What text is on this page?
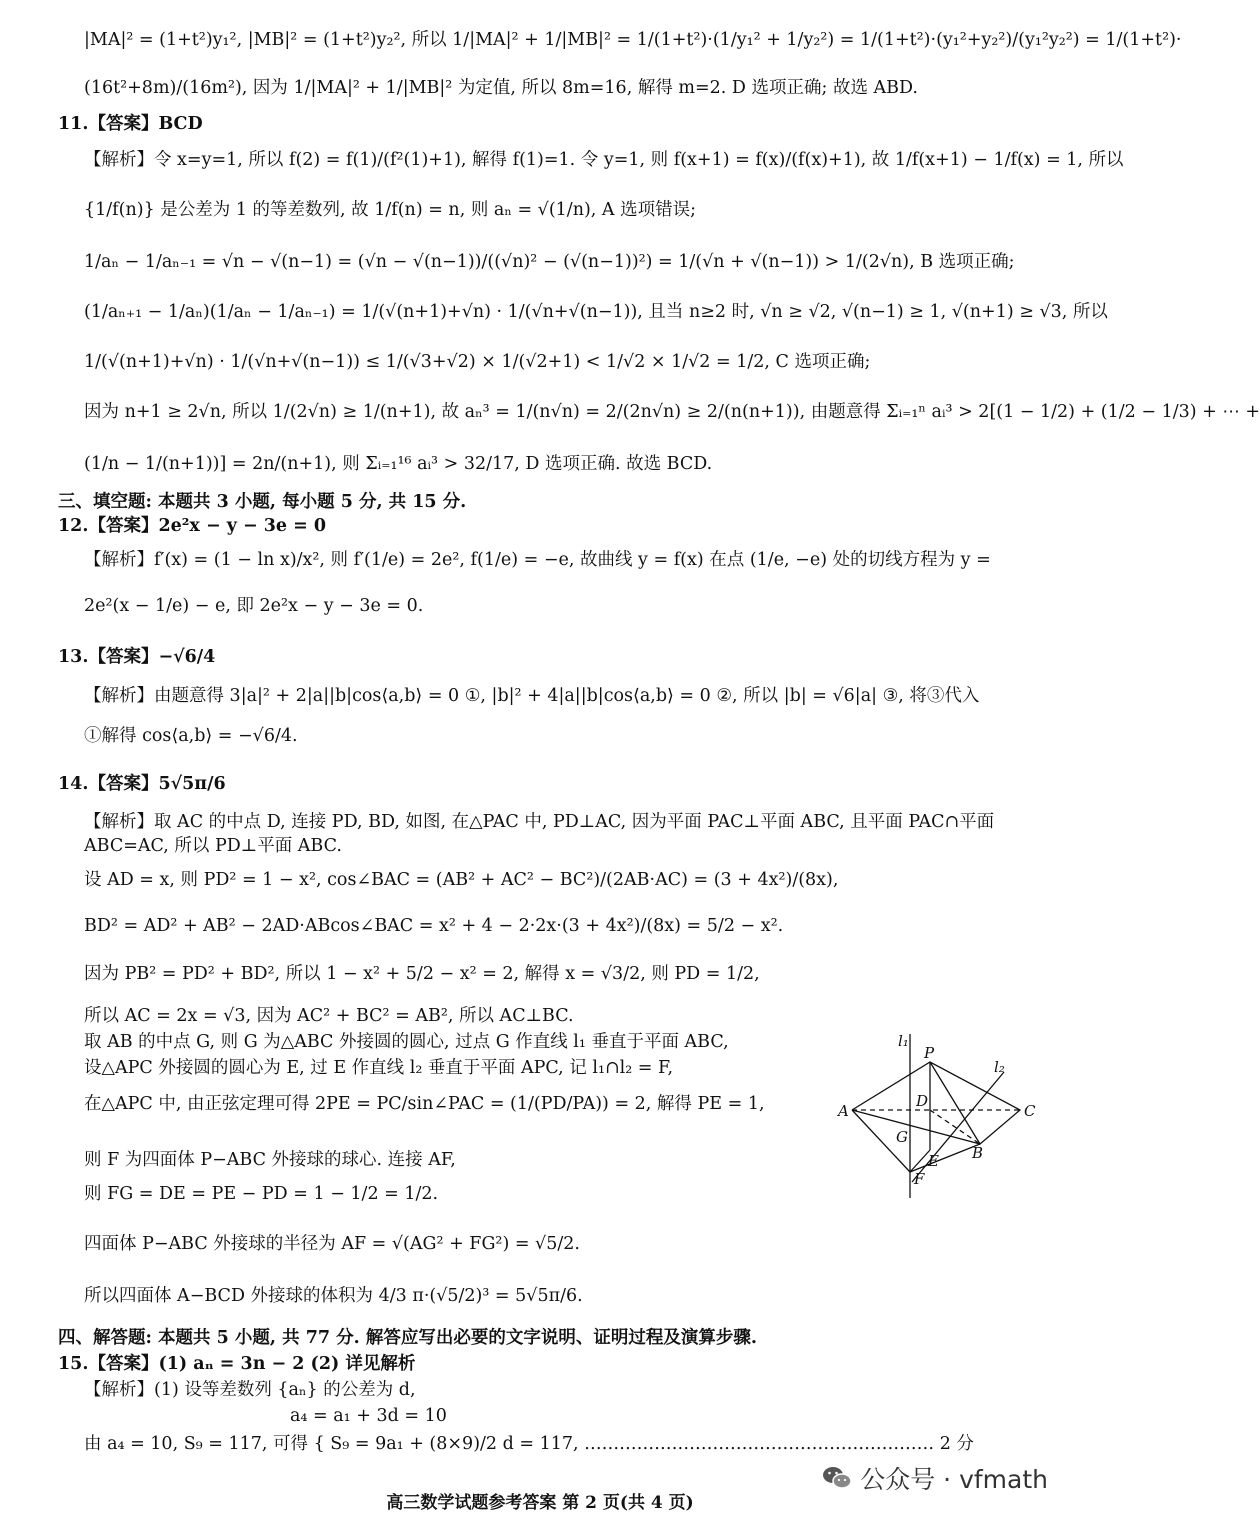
|MA|² = (1+t²)y₁², |MB|² = (1+t²)y₂², 所以 1/|MA|² + 1/|MB|² = 1/(1+t²)·(1/y₁² + 1/y₂²) = 1/(1+t²)·(y₁²+y₂²)/(y₁²y₂²) = 1/(1+t²)·
(16t²+8m)/(16m²), 因为 1/|MA|² + 1/|MB|² 为定值, 所以 8m=16, 解得 m=2. D 选项正确; 故选 ABD.
11.【答案】BCD
【解析】令 x=y=1, 所以 f(2) = f(1)/(f²(1)+1), 解得 f(1)=1. 令 y=1, 则 f(x+1) = f(x)/(f(x)+1), 故 1/f(x+1) − 1/f(x) = 1, 所以
{1/f(n)} 是公差为 1 的等差数列, 故 1/f(n) = n, 则 aₙ = √(1/n), A 选项错误;
1/aₙ − 1/aₙ₋₁ = √n − √(n−1) = (√n − √(n−1))/((√n)² − (√(n−1))²) = 1/(√n + √(n−1)) > 1/(2√n), B 选项正确;
(1/aₙ₊₁ − 1/aₙ)(1/aₙ − 1/aₙ₋₁) = 1/(√(n+1)+√n) · 1/(√n+√(n−1)), 且当 n≥2 时, √n ≥ √2, √(n−1) ≥ 1, √(n+1) ≥ √3, 所以
1/(√(n+1)+√n) · 1/(√n+√(n−1)) ≤ 1/(√3+√2) × 1/(√2+1) < 1/√2 × 1/√2 = 1/2, C 选项正确;
因为 n+1 ≥ 2√n, 所以 1/(2√n) ≥ 1/(n+1), 故 aₙ³ = 1/(n√n) = 2/(2n√n) ≥ 2/(n(n+1)), 由题意得 Σᵢ₌₁ⁿ aᵢ³ > 2[(1 − 1/2) + (1/2 − 1/3) + ⋯ +
(1/n − 1/(n+1))] = 2n/(n+1), 则 Σᵢ₌₁¹⁶ aᵢ³ > 32/17, D 选项正确. 故选 BCD.
三、填空题: 本题共 3 小题, 每小题 5 分, 共 15 分.
12.【答案】2e²x − y − 3e = 0
【解析】f′(x) = (1 − ln x)/x², 则 f′(1/e) = 2e², f(1/e) = −e, 故曲线 y = f(x) 在点 (1/e, −e) 处的切线方程为 y =
2e²(x − 1/e) − e, 即 2e²x − y − 3e = 0.
13.【答案】−√6/4
【解析】由题意得 3|a|² + 2|a||b|cos⟨a,b⟩ = 0 ①, |b|² + 4|a||b|cos⟨a,b⟩ = 0 ②, 所以 |b| = √6|a| ③, 将③代入
①解得 cos⟨a,b⟩ = −√6/4.
14.【答案】5√5π/6
【解析】取 AC 的中点 D, 连接 PD, BD, 如图, 在△PAC 中, PD⊥AC, 因为平面 PAC⊥平面 ABC, 且平面 PAC∩平面
ABC=AC, 所以 PD⊥平面 ABC.
设 AD = x, 则 PD² = 1 − x², cos∠BAC = (AB² + AC² − BC²)/(2AB·AC) = (3 + 4x²)/(8x),
BD² = AD² + AB² − 2AD·ABcos∠BAC = x² + 4 − 2·2x·(3 + 4x²)/(8x) = 5/2 − x².
因为 PB² = PD² + BD², 所以 1 − x² + 5/2 − x² = 2, 解得 x = √3/2, 则 PD = 1/2,
所以 AC = 2x = √3, 因为 AC² + BC² = AB², 所以 AC⊥BC.
取 AB 的中点 G, 则 G 为△ABC 外接圆的圆心, 过点 G 作直线 l₁ 垂直于平面 ABC,
设△APC 外接圆的圆心为 E, 过 E 作直线 l₂ 垂直于平面 APC, 记 l₁∩l₂ = F,
在△APC 中, 由正弦定理可得 2PE = PC/sin∠PAC = (1/(PD/PA)) = 2, 解得 PE = 1,
则 F 为四面体 P−ABC 外接球的球心. 连接 AF,
则 FG = DE = PE − PD = 1 − 1/2 = 1/2.
四面体 P−ABC 外接球的半径为 AF = √(AG² + FG²) = √5/2.
所以四面体 A−BCD 外接球的体积为 4/3 π·(√5/2)³ = 5√5π/6.
四、解答题: 本题共 5 小题, 共 77 分. 解答应写出必要的文字说明、证明过程及演算步骤.
15.【答案】(1) aₙ = 3n − 2 (2) 详见解析
【解析】(1) 设等差数列 {aₙ} 的公差为 d,
a₄ = a₁ + 3d = 10
由 a₄ = 10, S₉ = 117, 可得 { S₉ = 9a₁ + (8×9)/2 d = 117, …………………………………………………… 2 分
l₁
P
l₂
A
D
C
G
E B
F
公众号 · vfmath
高三数学试题参考答案 第 2 页(共 4 页)
